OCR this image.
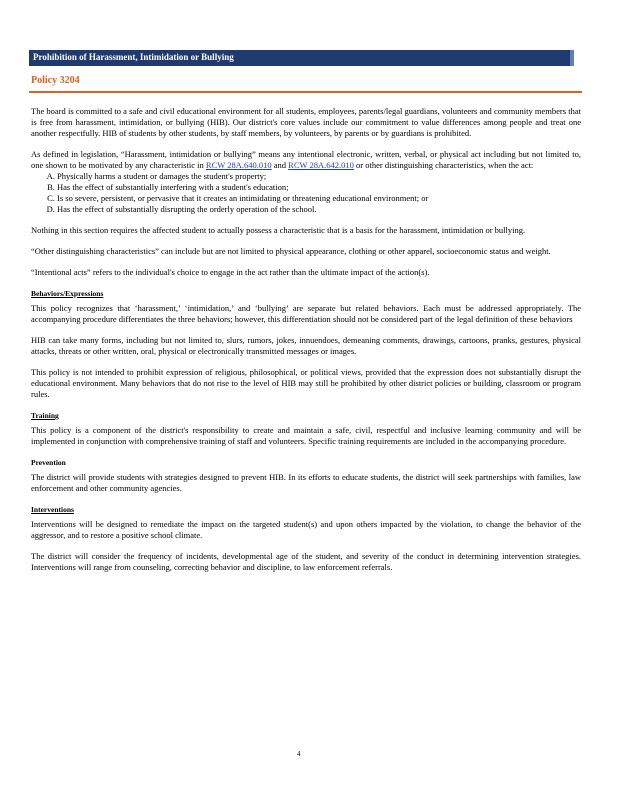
Prohibition of Harassment, Intimidation or Bullying
Policy 3204

The board is committed to a safe and civil educational environment for all students, employees, parents/legal guardians, volunteers and community members that is free from harassment, intimidation, or bullying (HIB). Our district's core values include our commitment to value differences among people and treat one another respectfully. HIB of students by other students, by staff members, by volunteers, by parents or by guardians is prohibited.

As defined in legislation, “Harassment, intimidation or bullying” means any intentional electronic, written, verbal, or physical act including but not limited to, one shown to be motivated by any characteristic in RCW 28A.640.010 and RCW 28A.642.010 or other distinguishing characteristics, when the act:

A. Physically harms a student or damages the student's property;
B. Has the effect of substantially interfering with a student's education;
C. Is so severe, persistent, or pervasive that it creates an intimidating or threatening educational environment; or
D. Has the effect of substantially disrupting the orderly operation of the school.

Nothing in this section requires the affected student to actually possess a characteristic that is a basis for the harassment, intimidation or bullying.

“Other distinguishing characteristics” can include but are not limited to physical appearance, clothing or other apparel, socioeconomic status and weight.

“Intentional acts” refers to the individual's choice to engage in the act rather than the ultimate impact of the action(s).

Behaviors/Expressions

This policy recognizes that ‘harassment,’ ‘intimidation,’ and ‘bullying’ are separate but related behaviors. Each must be addressed appropriately. The accompanying procedure differentiates the three behaviors; however, this differentiation should not be considered part of the legal definition of these behaviors

HIB can take many forms, including but not limited to, slurs, rumors, jokes, innuendoes, demeaning comments, drawings, cartoons, pranks, gestures, physical attacks, threats or other written, oral, physical or electronically transmitted messages or images.

This policy is not intended to prohibit expression of religious, philosophical, or political views, provided that the expression does not substantially disrupt the educational environment. Many behaviors that do not rise to the level of HIB may still be prohibited by other district policies or building, classroom or program rules.

Training

This policy is a component of the district's responsibility to create and maintain a safe, civil, respectful and inclusive learning community and will be implemented in conjunction with comprehensive training of staff and volunteers. Specific training requirements are included in the accompanying procedure.

Prevention

The district will provide students with strategies designed to prevent HIB. In its efforts to educate students, the district will seek partnerships with families, law enforcement and other community agencies.

Interventions

Interventions will be designed to remediate the impact on the targeted student(s) and upon others impacted by the violation, to change the behavior of the aggressor, and to restore a positive school climate.

The district will consider the frequency of incidents, developmental age of the student, and severity of the conduct in determining intervention strategies. Interventions will range from counseling, correcting behavior and discipline, to law enforcement referrals.

4
